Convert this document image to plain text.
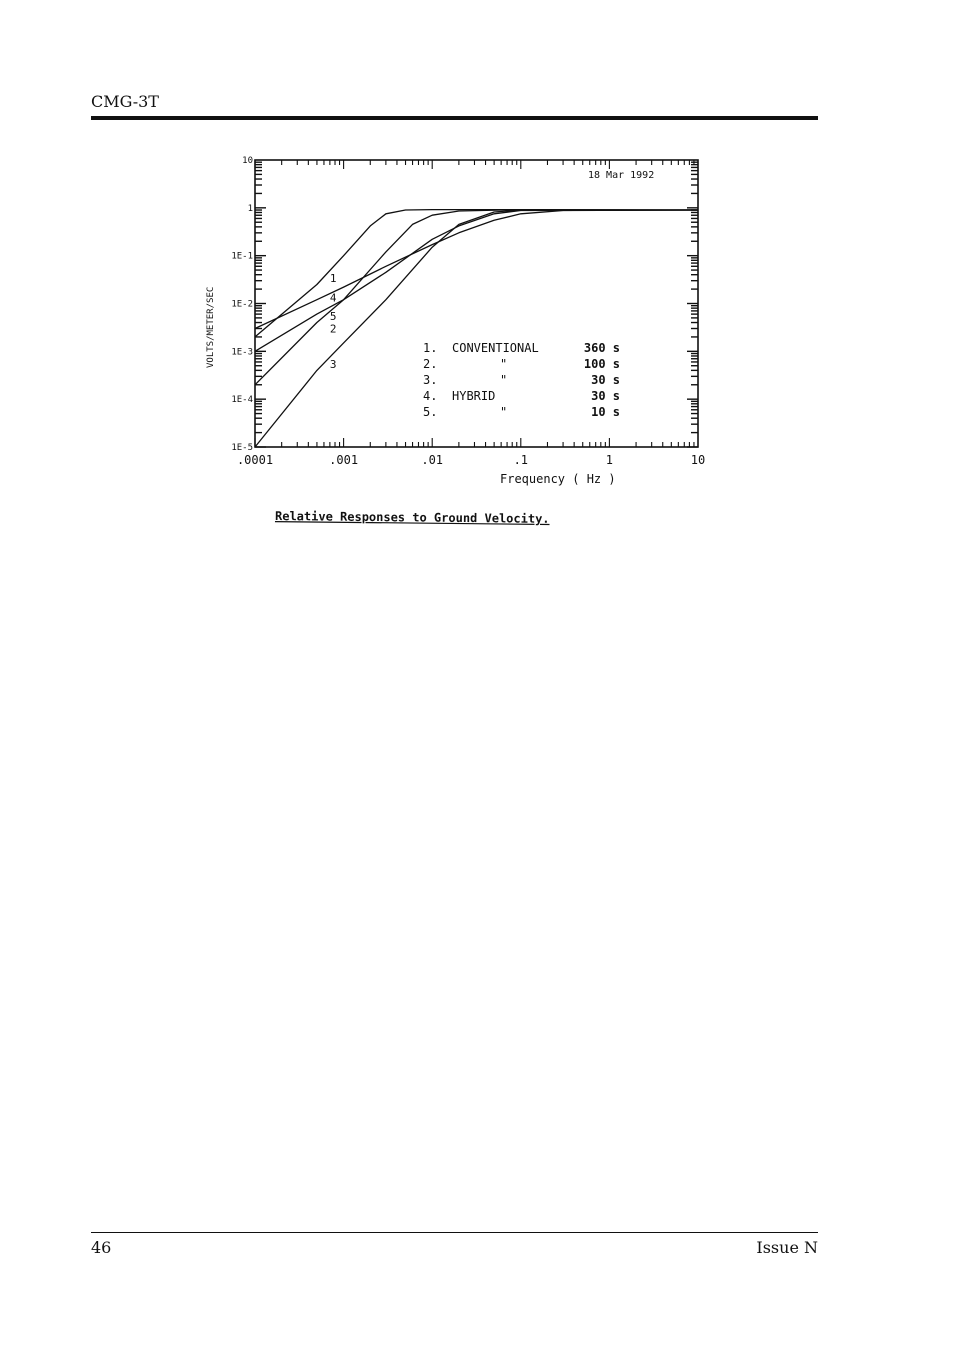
CMG-3T
1
4
5
2
3
.0001	.001	.01	.1	1	10
10
1
1E-1
1E-2
1E-3
1E-4
1E-5
18 Mar 1992
VOLTS/METER/SEC
Frequency ( Hz )
1. CONVENTIONAL	360 s
2.	"	100 s
3.	"	30 s
4. HYBRID	30 s
5.	"	10 s
Relative Responses to Ground Velocity.
46	Issue N
